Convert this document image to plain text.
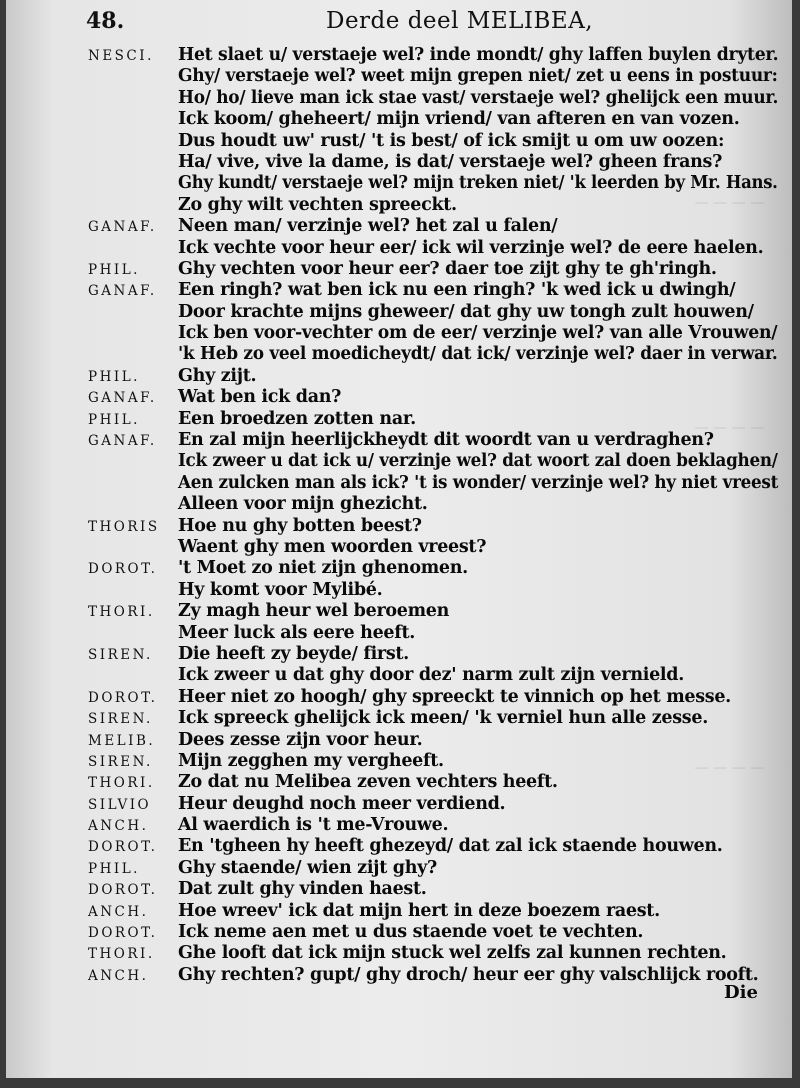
48.	Derde deel MELIBEA,
— — — —
— — — —
— — — —
NESCI. Het slaet u/ verstaeje wel? inde mondt/ ghy laffen buylen dryter.
Ghy/ verstaeje wel? weet mijn grepen niet/ zet u eens in postuur:
Ho/ ho/ lieve man ick staе vast/ verstaeje wel? ghelijck een muur.
Ick koom/ gheheert/ mijn vriend/ van afteren en van vozen.
Dus houdt uw' rust/ 't is best/ of ick smijt u om uw oozen:
Ha/ vive, vive la dame, is dat/ verstaeje wel? gheen frans?
Ghy kundt/ verstaeje wel? mijn treken niet/ 'k leerden by Mr. Hans.
Zo ghy wilt vechten spreeckt.
GANAF. Neen man/ verzinje wel? het zal u falen/
Ick vechte voor heur eer/ ick wil verzinje wel? de eere haelen.
PHIL. Ghy vechten voor heur eer? daer toe zijt ghy te gh'ringh.
GANAF. Een ringh? wat ben ick nu een ringh? 'k wed ick u dwingh/
Door krachte mijns gheweer/ dat ghy uw tongh zult houwen/
Ick ben voor-vechter om de eer/ verzinje wel? van alle Vrouwen/
'k Heb zo veel moedicheydt/ dat ick/ verzinje wel? daer in verwar.
PHIL. Ghy zijt.
GANAF. Wat ben ick dan?
PHIL. Een broedzen zotten nar.
GANAF. En zal mijn heerlijckheydt dit woordt van u verdraghen?
Ick zweer u dat ick u/ verzinje wel? dat woort zal doen beklaghen/
Aen zulcken man als ick? 't is wonder/ verzinje wel? hy niet vreest
Alleen voor mijn ghezicht.
THORIS Hoe nu ghy botten beest?
Waent ghy men woorden vreest?
DOROT. 't Moet zo niet zijn ghenomen.
Hy komt voor Mylibé.
THORI. Zy magh heur wel beroemen
Meer luck als eere heeft.
SIREN. Die heeft zy beyde/ first.
Ick zweer u dat ghy door dez' narm zult zijn vernield.
DOROT. Heer niet zo hoogh/ ghy spreeckt te vinnich op het messe.
SIREN. Ick spreeck ghelijck ick meen/ 'k verniel hun alle zesse.
MELIB. Dees zesse zijn voor heur.
SIREN. Mijn zegghen my vergheeft.
THORI. Zo dat nu Melibea zeven vechters heeft.
SILVIO Heur deughd noch meer verdiend.
ANCH. Al waerdich is 't me-Vrouwe.
DOROT. En 'tgheen hy heeft ghezeyd/ dat zal ick staende houwen.
PHIL. Ghy staende/ wien zijt ghy?
DOROT. Dat zult ghy vinden haest.
ANCH. Hoe wreev' ick dat mijn hert in deze boezem raest.
DOROT. Ick neme aen met u dus staende voet te vechten.
THORI. Ghe looft dat ick mijn stuck wel zelfs zal kunnen rechten.
ANCH. Ghy rechten? gupt/ ghy droch/ heur eer ghy valschlijck rooft.
Die
